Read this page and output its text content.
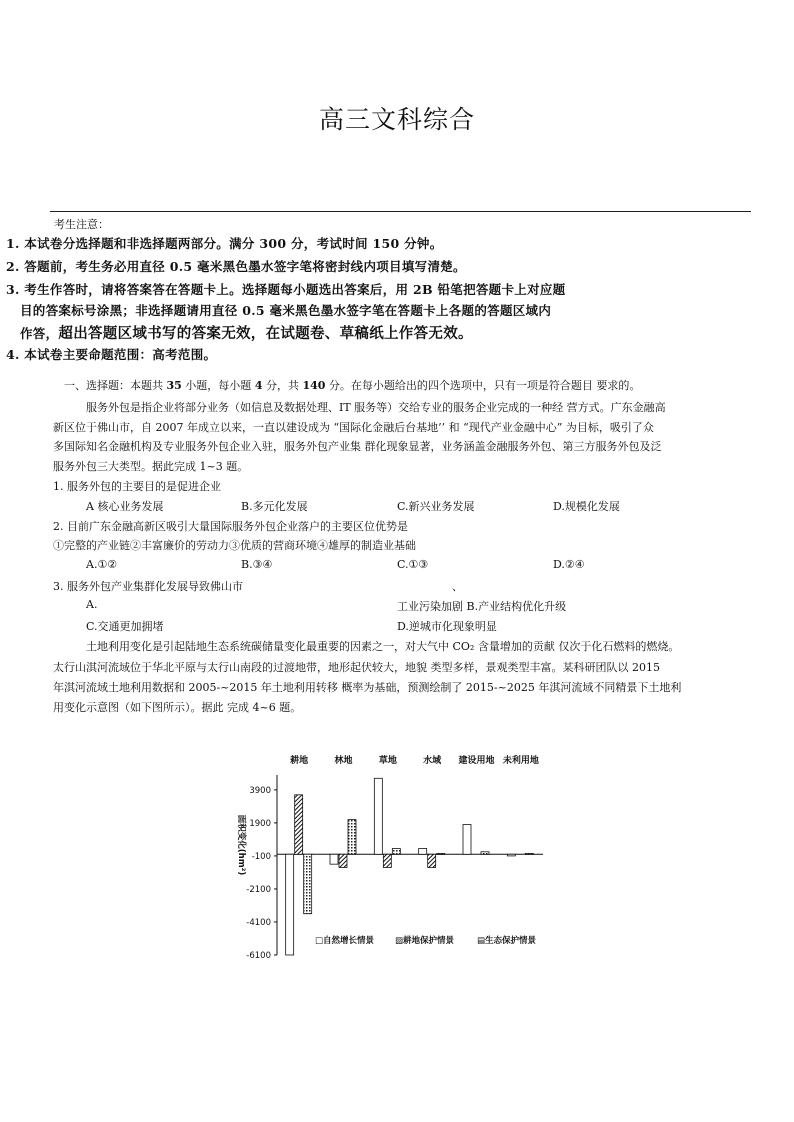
高三文科综合
考生注意：
1. 本试卷分选择题和非选择题两部分。满分 300 分，考试时间 150 分钟。
2. 答题前，考生务必用直径 0.5 毫米黑色墨水签字笔将密封线内项目填写清楚。
3. 考生作答时，请将答案答在答题卡上。选择题每小题选出答案后，用 2B 铅笔把答题卡上对应题
目的答案标号涂黑；非选择题请用直径 0.5 毫米黑色墨水签字笔在答题卡上各题的答题区域内
作答，超出答题区域书写的答案无效，在试题卷、草稿纸上作答无效。
4. 本试卷主要命题范围：高考范围。
一、选择题：本题共 35 小题，每小题 4 分，共 140 分。在每小题给出的四个选项中，只有一项是符合题目 要求的。
服务外包是指企业将部分业务（如信息及数据处理、IT 服务等）交给专业的服务企业完成的一种经 营方式。广东金融高
新区位于佛山市，自 2007 年成立以来，一直以建设成为 “国际化金融后台基地’’ 和 “现代产业金融中心” 为目标，吸引了众
多国际知名金融机构及专业服务外包企业入驻，服务外包产业集 群化现象显著，业务涵盖金融服务外包、第三方服务外包及泛
服务外包三大类型。据此完成 1~3 题。
1. 服务外包的主要目的是促进企业
A 核心业务发展	B.多元化发展	C.新兴业务发展	D.规模化发展
2. 目前广东金融高新区吸引大量国际服务外包企业落户的主要区位优势是
①完整的产业链②丰富廉价的劳动力③优质的营商环境④雄厚的制造业基础
A.①②	B.③④	C.①③	D.②④
3. 服务外包产业集群化发展导致佛山市	、
A.	工业污染加剧 B.产业结构优化升级
C.交通更加拥堵	D.逆城市化现象明显
土地利用变化是引起陆地生态系统碳储量变化最重要的因素之一，对大气中 CO₂ 含量增加的贡献 仅次于化石燃料的燃烧。
太行山淇河流域位于华北平原与太行山南段的过渡地带，地形起伏较大，地貌 类型多样，景观类型丰富。某科研团队以 2015
年淇河流域土地利用数据和 2005-~2015 年土地利用转移 概率为基础，预测绘制了 2015-~2025 年淇河流域不同精景下土地利
用变化示意图（如下图所示）。据此 完成 4~6 题。
3900
1900
-100
-2100
-4100
-6100
面积变化(hm²)
耕地	林地	草地	水域 建设用地 未利用地
□自然增长情景 ▨耕地保护情景	▤生态保护情景
